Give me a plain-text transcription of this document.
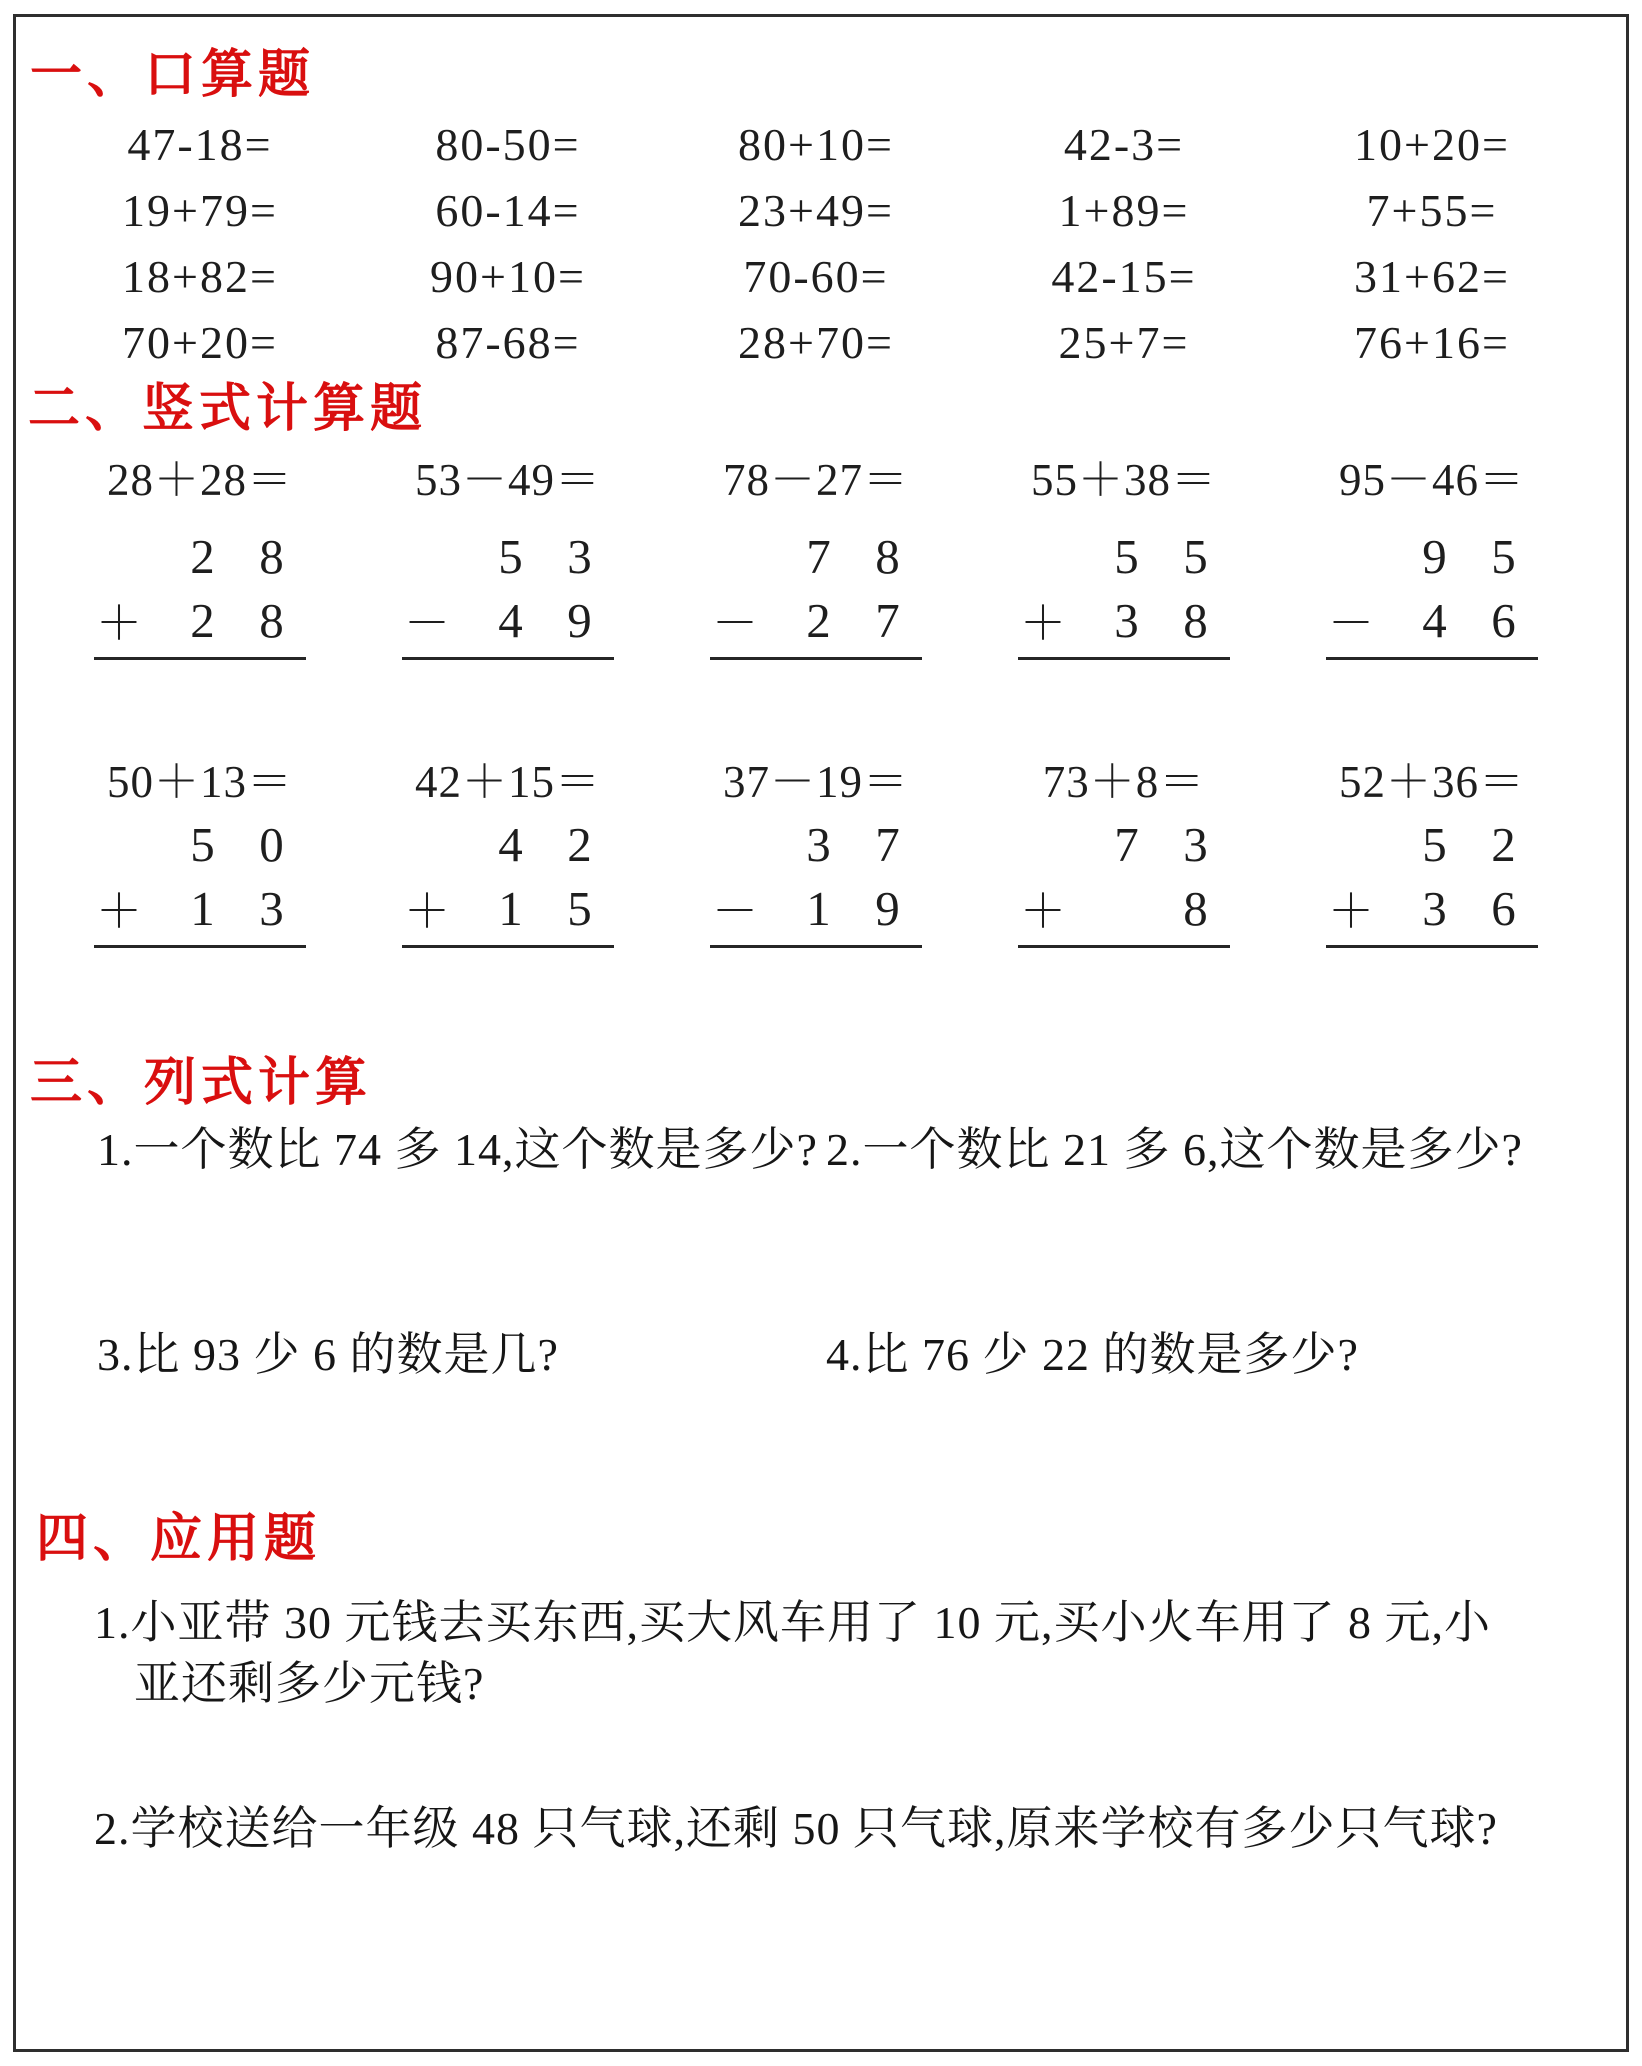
一、口算题
47-18=	80-50=	80+10=	42-3=	10+20=
19+79=	60-14=	23+49=	1+89=	7+55=
18+82=	90+10=	70-60=	42-15=	31+62=
70+20=	87-68=	28+70=	25+7=	76+16=
二、竖式计算题
28＋28＝	53－49＝	78－27＝	55＋38＝	95－46＝
2 8
＋ 2 8
5 3
－ 4 9
7 8
－ 2 7
5 5
＋ 3 8
9 5
－ 4 6
50＋13＝	42＋15＝	37－19＝	73＋8＝	52＋36＝
5 0
＋ 1 3
4 2
＋ 1 5
3 7
－ 1 9
7 3
＋	8
5 2
＋ 3 6
三、列式计算
1.一个数比 74 多 14,这个数是多少? 2.一个数比 21 多 6,这个数是多少?
3.比 93 少 6 的数是几?	4.比 76 少 22 的数是多少?
四、应用题
1.小亚带 30 元钱去买东西,买大风车用了 10 元,买小火车用了 8 元,小
亚还剩多少元钱?
2.学校送给一年级 48 只气球,还剩 50 只气球,原来学校有多少只气球?
